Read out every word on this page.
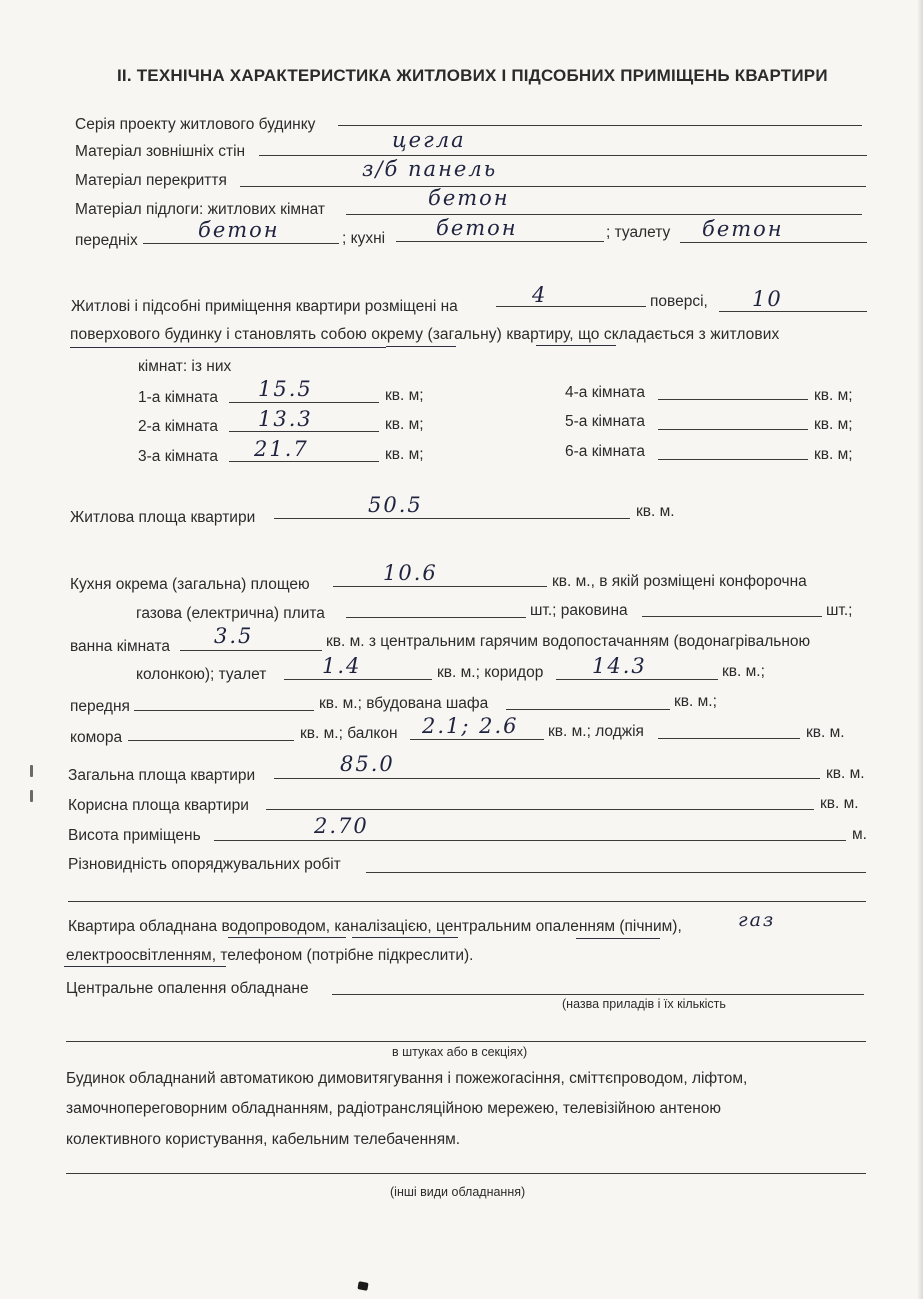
ІІ. ТЕХНІЧНА ХАРАКТЕРИСТИКА ЖИТЛОВИХ І ПІДСОБНИХ ПРИМІЩЕНЬ КВАРТИРИ
Серія проекту житлового будинку
Матеріал зовнішніх стін	цегла
Матеріал перекриття	з/б панель
Матеріал підлоги: житлових кімнат	бетон
передніх	бетон	; кухні бетон	; туалету бетон
Житлові і підсобні приміщення квартири розміщені на	4	поверсі, 10
поверхового будинку і становлять собою окрему (загальну) квартиру, що складається з житлових
кімнат: із них
1-а кімната 15.5	кв. м;
2-а кімната 13.3	кв. м;
3-а кімната 21.7	кв. м;
4-а кімната	кв. м;
5-а кімната	кв. м;
6-а кімната	кв. м;
Житлова площа квартири
50.5	кв. м.
Кухня окрема (загальна) площею	10.6	кв. м., в якій розміщені конфорочна
газова (електрична) плита	шт.; раковина	шт.;
ванна кімната 3.5	кв. м. з центральним гарячим водопостачанням (водонагрівальною
колонкою); туалет	1.4	кв. м.; коридор 14.3	кв. м.;
передня	кв. м.; вбудована шафа	кв. м.;
комора	кв. м.; балкон 2.1; 2.6 кв. м.; лоджія	кв. м.
Загальна площа квартири	85.0	кв. м.
Корисна площа квартири	кв. м.
Висота приміщень	2.70	м.
Різновидність опоряджувальних робіт
Квартира обладнана водопроводом, каналізацією, центральним опаленням (пічним),	газ
електроосвітленням, телефоном (потрібне підкреслити).
Центральне опалення обладнане
(назва приладів і їх кількість
в штуках або в секціях)
Будинок обладнаний автоматикою димовитягування і пожежогасіння, сміттєпроводом, ліфтом,
замочнопереговорним обладнанням, радіотрансляційною мережею, телевізійною антеною
колективного користування, кабельним телебаченням.
(інші види обладнання)
